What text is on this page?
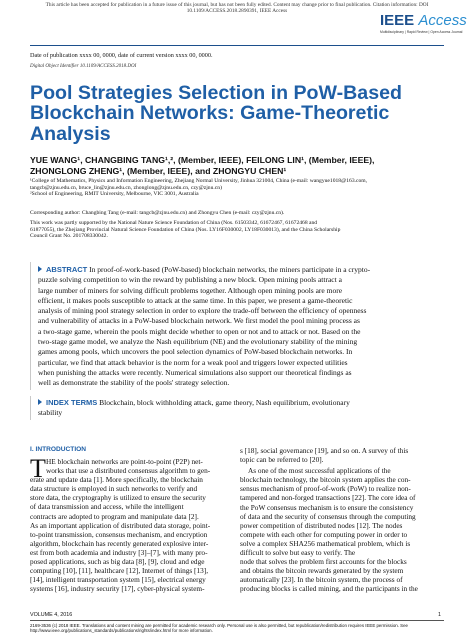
This article has been accepted for publication in a future issue of this journal, but has not been fully edited. Content may change prior to final publication. Citation information: DOI
10.1109/ACCESS.2018.2890391, IEEE Access
IEEE Access
Multidisciplinary | Rapid Review | Open Access Journal
Date of publication xxxx 00, 0000, date of current version xxxx 00, 0000.
Digital Object Identifier 10.1109/ACCESS.2018.DOI
Pool Strategies Selection in PoW-Based
Blockchain Networks: Game-Theoretic
Analysis
YUE WANG¹, CHANGBING TANG¹,², (Member, IEEE), FEILONG LIN¹, (Member, IEEE),
ZHONGLONG ZHENG¹, (Member, IEEE), and ZHONGYU CHEN¹
¹College of Mathematics, Physics and Information Engineering, Zhejiang Normal University, Jinhua 321004, China (e-mail: wangyue1018@163.com,
tangcb@zjnu.edu.cn, bruce_lin@zjnu.edu.cn, zhonglong@zjnu.edu.cn, czy@zjnu.cn)
²School of Engineering, RMIT University, Melbourne, VIC 3001, Australia
Corresponding author: Changbing Tang (e-mail: tangcb@zjnu.edu.cn) and Zhongyu Chen (e-mail: czy@zjnu.cn).
This work was partly supported by the National Nature Science Foundation of China (Nos. 61503342, 61672467, 61672468 and
61877055), the Zhejiang Provincial Natural Science Foundation of China (Nos. LY16F030002, LY18F030013), and the China Scholarship
Council Grant No. 201708330042.
ABSTRACT In proof-of-work-based (PoW-based) blockchain networks, the miners participate in a crypto-
puzzle solving competition to win the reward by publishing a new block. Open mining pools attract a
large number of miners for solving difficult problems together. Although open mining pools are more
efficient, it makes pools susceptible to attack at the same time. In this paper, we present a game-theoretic
analysis of mining pool strategy selection in order to explore the trade-off between the efficiency of openness
and vulnerability of attacks in a PoW-based blockchain network. We first model the pool mining process as
a two-stage game, wherein the pools might decide whether to open or not and to attack or not. Based on the
two-stage game model, we analyze the Nash equilibrium (NE) and the evolutionary stability of the mining
games among pools, which uncovers the pool selection dynamics of PoW-based blockchain networks. In
particular, we find that attack behavior is the norm for a weak pool and triggers lower expected utilities
when punishing the attacks were recently. Numerical simulations also support our theoretical findings as
well as demonstrate the stability of the pools' strategy selection.
INDEX TERMS Blockchain, block withholding attack, game theory, Nash equilibrium, evolutionary
stability
I. INTRODUCTION
T HE blockchain networks are point-to-point (P2P) net-
works that use a distributed consensus algorithm to gen-
erate and update data [1]. More specifically, the blockchain
data structure is employed in such networks to verify and
store data, the cryptography is utilized to ensure the security
of data transmission and access, while the intelligent
contracts are adopted to program and manipulate data [2].
As an important application of distributed data storage, point-
to-point transmission, consensus mechanism, and encryption
algorithm, blockchain has recently generated explosive inter-
est from both academia and industry [3]–[7], with many pro-
posed applications, such as big data [8], [9], cloud and edge
computing [10], [11], healthcare [12], Internet of things [13],
[14], intelligent transportation system [15], electrical energy
systems [16], industry security [17], cyber-physical system-
s [18], social governance [19], and so on. A survey of this
topic can be referred to [20].
As one of the most successful applications of the
blockchain technology, the bitcoin system applies the con-
sensus mechanism of proof-of-work (PoW) to realize non-
tampered and non-forged transactions [22]. The core idea of
the PoW consensus mechanism is to ensure the consistency
of data and the security of consensus through the computing
power competition of distributed nodes [12]. The nodes
compete with each other for computing power in order to
solve a complex SHA256 mathematical problem, which is
difficult to solve but easy to verify. The
node that solves the problem first accounts for the blocks
and obtains the bitcoin rewards generated by the system
automatically [23]. In the bitcoin system, the process of
producing blocks is called mining, and the participants in the
VOLUME 4, 2016	1
2169-3536 (c) 2018 IEEE. Translations and content mining are permitted for academic research only. Personal use is also permitted, but republication/redistribution requires IEEE permission. See
http://www.ieee.org/publications_standards/publications/rights/index.html for more information.
